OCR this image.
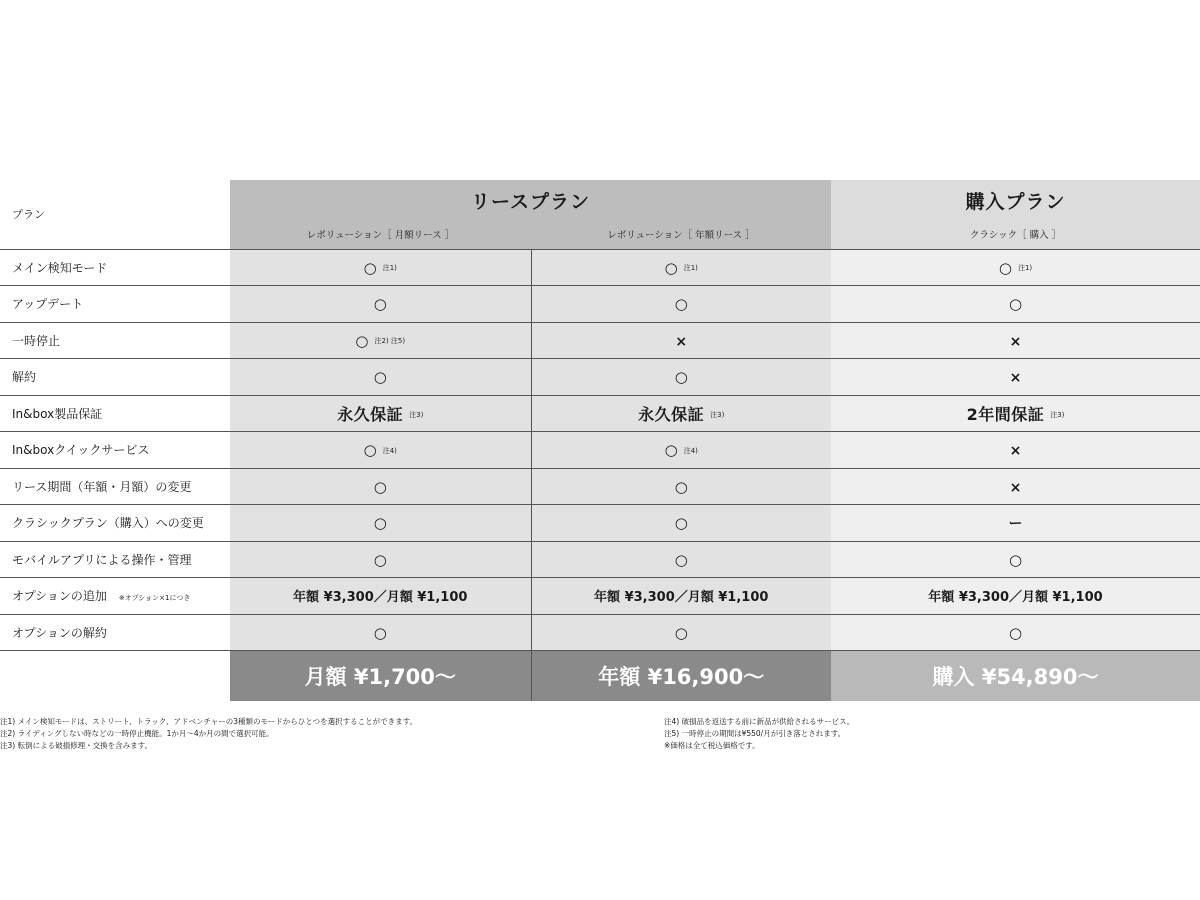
プラン	リースプラン		購入プラン
	レボリューション［ 月額リース ］	レボリューション［ 年額リース ］	クラシック［ 購入 ］
メイン検知モード	○ 注1)	○ 注1)	○ 注1)
アップデート	○	○	○
一時停止	○ 注2) 注5)	×	×
解約	○	○	×
In&box製品保証	永久保証 注3)	永久保証 注3)	2年間保証 注3)
In&boxクイックサービス	○ 注4)	○ 注4)	×
リース期間（年額・月額）の変更	○	○	×
クラシックプラン（購入）への変更	○	○	ー
モバイルアプリによる操作・管理	○	○	○
オプションの追加 ※オプション×1につき	年額 ¥3,300／月額 ¥1,100	年額 ¥3,300／月額 ¥1,100	年額 ¥3,300／月額 ¥1,100
オプションの解約	○	○	○
	月額 ¥1,700〜	年額 ¥16,900〜	購入 ¥54,890〜
注1) メイン検知モードは、ストリート、トラック、アドベンチャーの3種類のモードからひとつを選択することができます。
注2) ライディングしない時などの一時停止機能。1か月〜4か月の間で選択可能。
注3) 転倒による破損修理・交換を含みます。
注4) 破損品を返送する前に新品が供給されるサービス。
注5) 一時停止の期間は¥550/月が引き落とされます。
※価格は全て税込価格です。
